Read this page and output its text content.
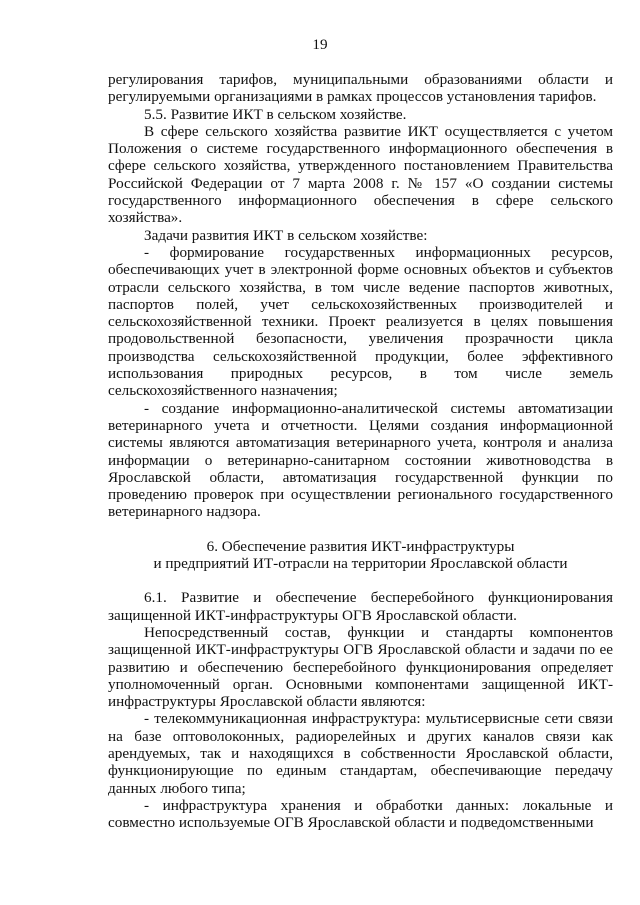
19

регулирования тарифов, муниципальными образованиями области и регулируемыми организациями в рамках процессов установления тарифов.

5.5. Развитие ИКТ в сельском хозяйстве.

В сфере сельского хозяйства развитие ИКТ осуществляется с учетом Положения о системе государственного информационного обеспечения в сфере сельского хозяйства, утвержденного постановлением Правительства Российской Федерации от 7 марта 2008 г. № 157 «О создании системы государственного информационного обеспечения в сфере сельского хозяйства».

Задачи развития ИКТ в сельском хозяйстве:

- формирование государственных информационных ресурсов, обеспечивающих учет в электронной форме основных объектов и субъектов отрасли сельского хозяйства, в том числе ведение паспортов животных, паспортов полей, учет сельскохозяйственных производителей и сельскохозяйственной техники. Проект реализуется в целях повышения продовольственной безопасности, увеличения прозрачности цикла производства сельскохозяйственной продукции, более эффективного использования природных ресурсов, в том числе земель сельскохозяйственного назначения;

- создание информационно-аналитической системы автоматизации ветеринарного учета и отчетности. Целями создания информационной системы являются автоматизация ветеринарного учета, контроля и анализа информации о ветеринарно-санитарном состоянии животноводства в Ярославской области, автоматизация государственной функции по проведению проверок при осуществлении регионального государственного ветеринарного надзора.

6. Обеспечение развития ИКТ-инфраструктуры

и предприятий ИТ-отрасли на территории Ярославской области

6.1. Развитие и обеспечение бесперебойного функционирования защищенной ИКТ-инфраструктуры ОГВ Ярославской области.

Непосредственный состав, функции и стандарты компонентов защищенной ИКТ-инфраструктуры ОГВ Ярославской области и задачи по ее развитию и обеспечению бесперебойного функционирования определяет уполномоченный орган. Основными компонентами защищенной ИКТ-инфраструктуры Ярославской области являются:

- телекоммуникационная инфраструктура: мультисервисные сети связи на базе оптоволоконных, радиорелейных и других каналов связи как арендуемых, так и находящихся в собственности Ярославской области, функционирующие по единым стандартам, обеспечивающие передачу данных любого типа;

- инфраструктура хранения и обработки данных: локальные и совместно используемые ОГВ Ярославской области и подведомственными
